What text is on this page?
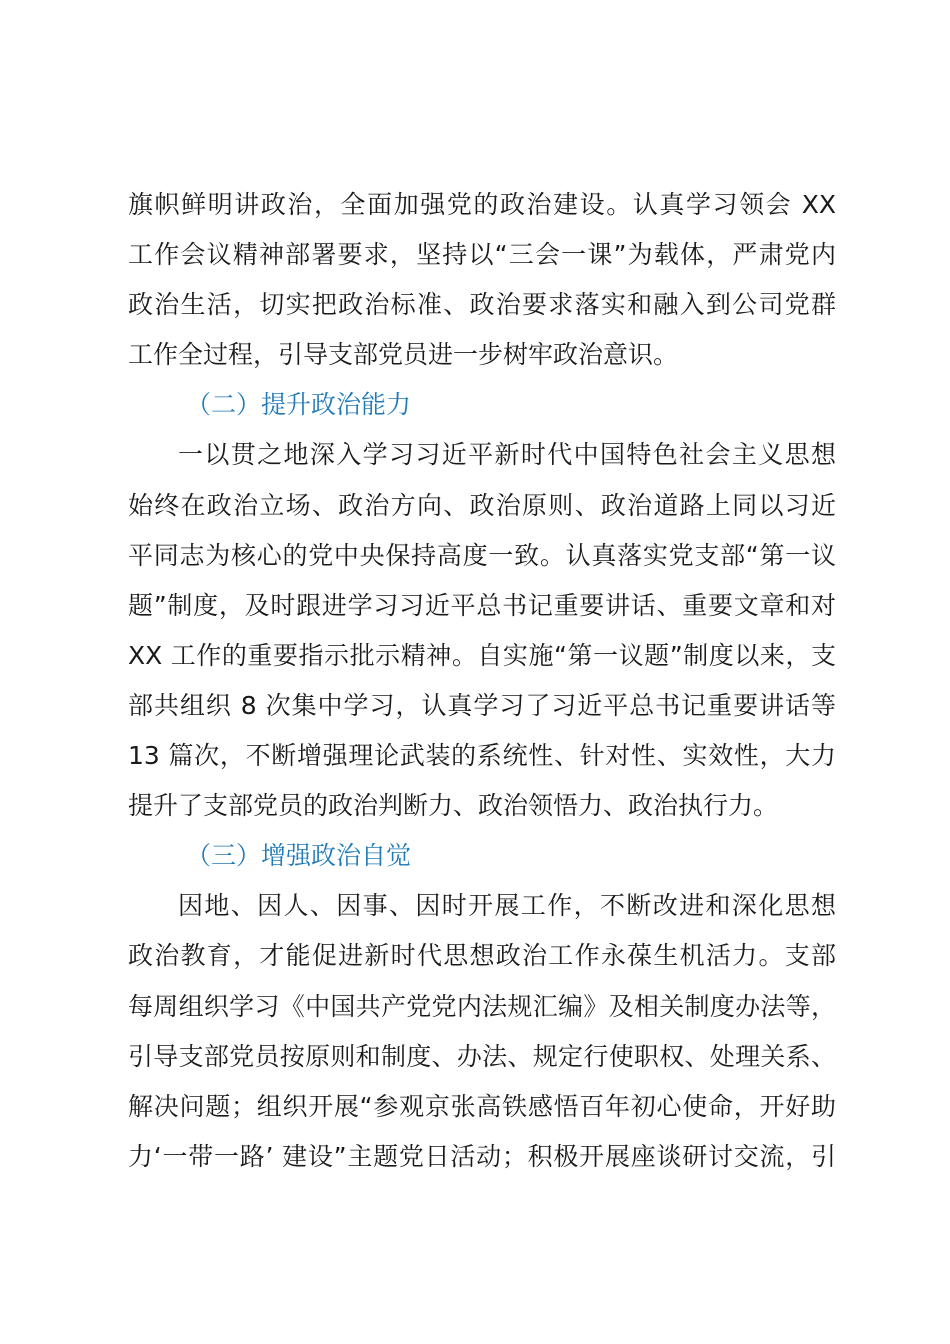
旗帜鲜明讲政治，全面加强党的政治建设。认真学习领会 XX
工作会议精神部署要求，坚持以“三会一课”为载体，严肃党内
政治生活，切实把政治标准、政治要求落实和融入到公司党群
工作全过程，引导支部党员进一步树牢政治意识。
（二）提升政治能力
一以贯之地深入学习习近平新时代中国特色社会主义思想
始终在政治立场、政治方向、政治原则、政治道路上同以习近
平同志为核心的党中央保持高度一致。认真落实党支部“第一议
题”制度，及时跟进学习习近平总书记重要讲话、重要文章和对
XX 工作的重要指示批示精神。自实施“第一议题”制度以来，支
部共组织 8 次集中学习，认真学习了习近平总书记重要讲话等
13 篇次，不断增强理论武装的系统性、针对性、实效性，大力
提升了支部党员的政治判断力、政治领悟力、政治执行力。
（三）增强政治自觉
因地、因人、因事、因时开展工作，不断改进和深化思想
政治教育，才能促进新时代思想政治工作永葆生机活力。支部
每周组织学习《中国共产党党内法规汇编》及相关制度办法等，
引导支部党员按原则和制度、办法、规定行使职权、处理关系、
解决问题；组织开展“参观京张高铁感悟百年初心使命，开好助
力‘一带一路’ 建设”主题党日活动；积极开展座谈研讨交流，引
